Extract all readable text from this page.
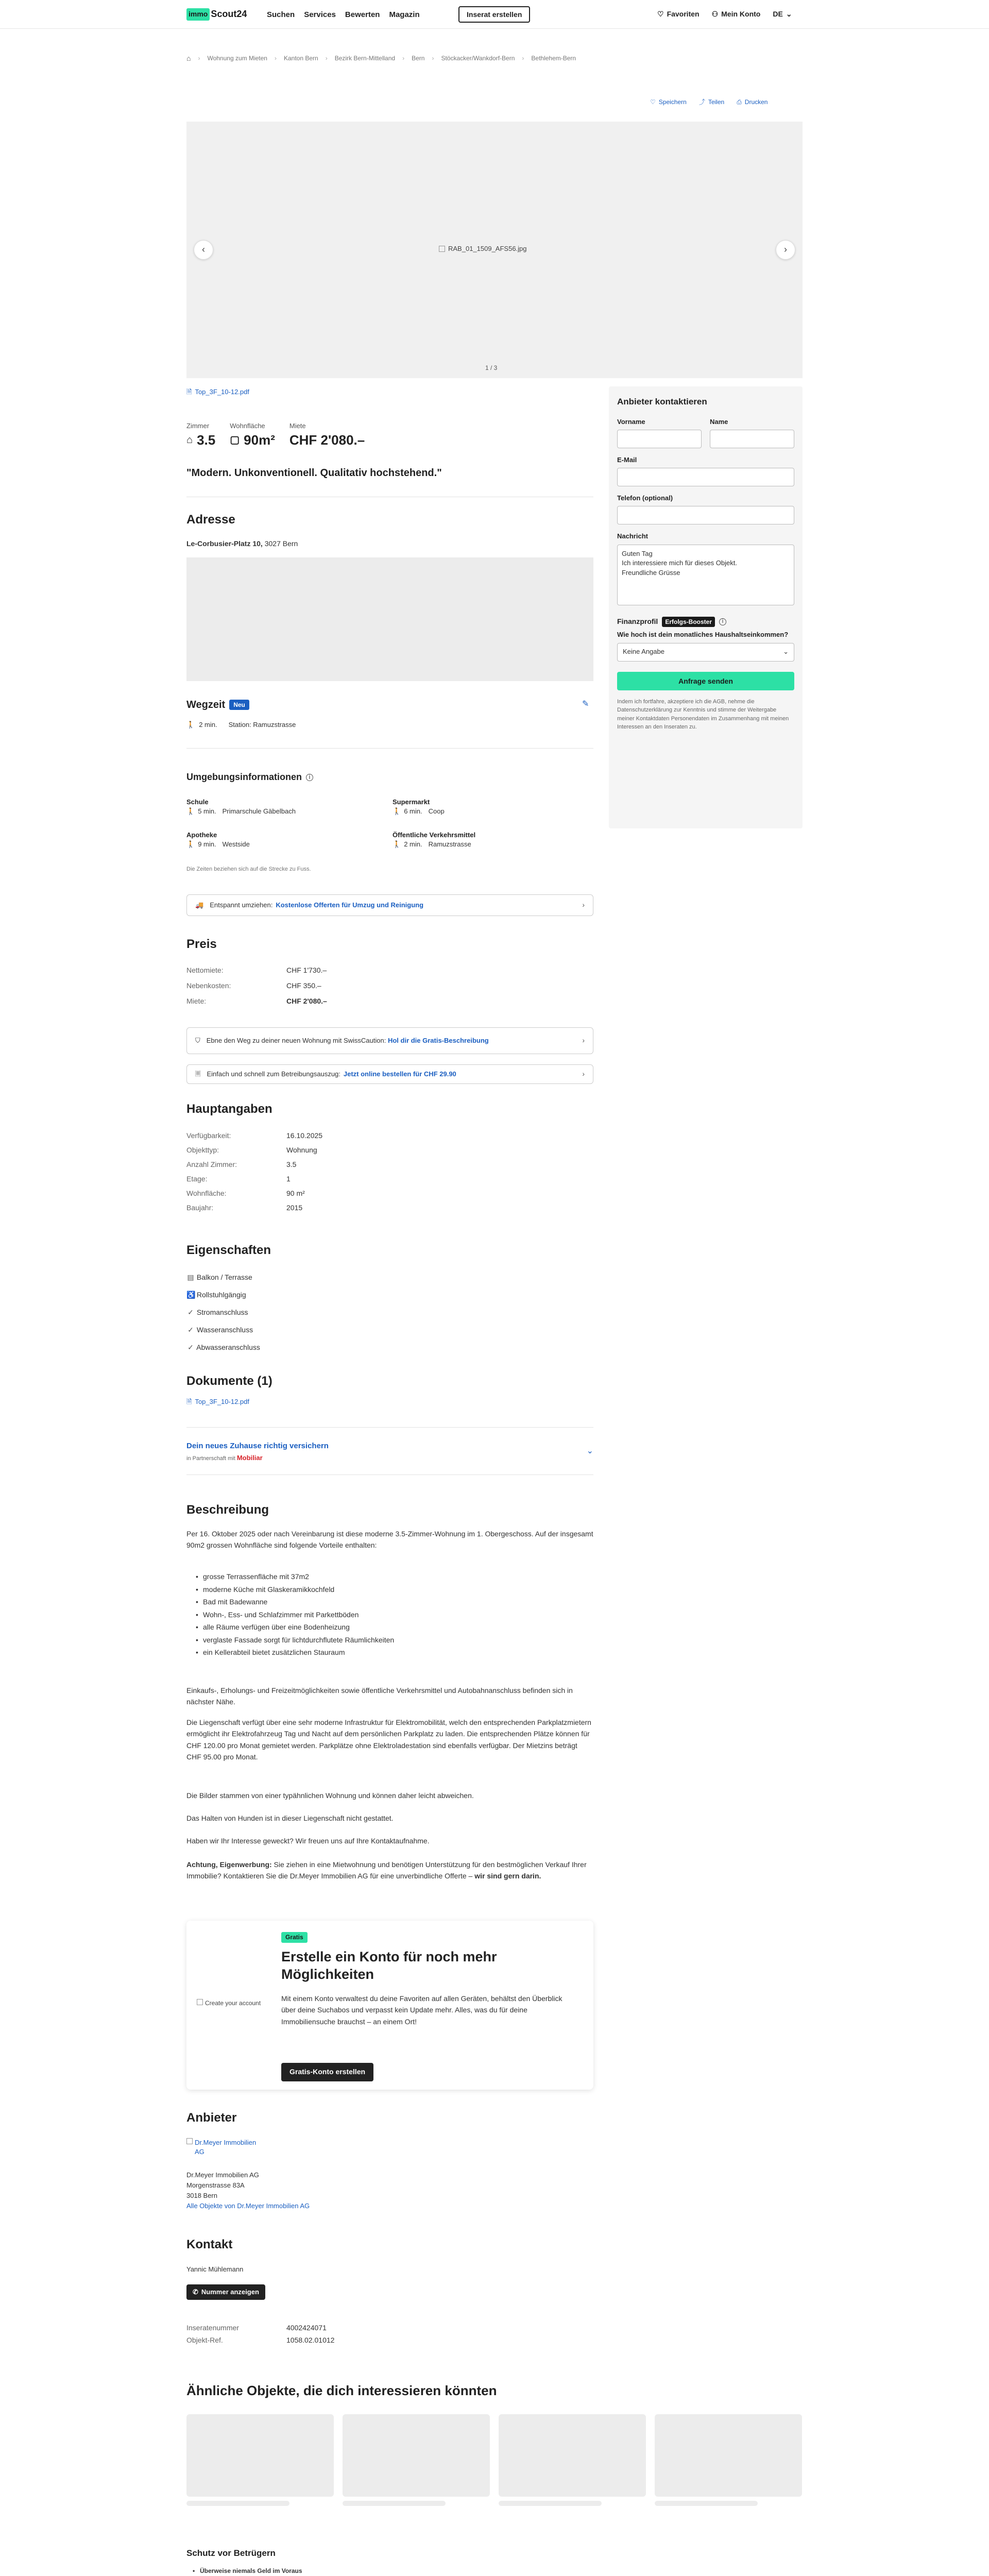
immo Scout24	Suchen Services Bewerten Magazin	Inserat erstellen	♡ Favoriten ⚇ Mein Konto DE ⌄
⌂ › Wohnung zum Mieten › Kanton Bern › Bezirk Bern-Mittelland › Bern › Stöckacker/Wankdorf-Bern › Bethlehem-Bern
♡ Speichern ⤴ Teilen ⎙ Drucken
RAB_01_1509_AFS56.jpg
‹	›
1 / 3
🗎 Top_3F_10-12.pdf
Zimmer
⌂ 3.5
Wohnfläche
▢ 90m²
Miete
CHF 2'080.–
"Modern. Unkonventionell. Qualitativ hochstehend."
Adresse
Le-Corbusier-Platz 10, 3027 Bern
Wegzeit	Neu	✎
🚶 2 min. Station: Ramuzstrasse
Umgebungsinformationen	i
Schule
🚶 5 min. Primarschule Gäbelbach
Supermarkt
🚶 6 min. Coop
Apotheke
🚶 9 min. Westside
Öffentliche Verkehrsmittel
🚶 2 min. Ramuzstrasse
Die Zeiten beziehen sich auf die Strecke zu Fuss.
🚚 Entspannt umziehen: Kostenlose Offerten für Umzug und Reinigung	›
Preis
Nettomiete:	CHF 1'730.–
Nebenkosten:	CHF 350.–
Miete:	CHF 2'080.–
⛉ Ebne den Weg zu deiner neuen Wohnung mit SwissCaution: Hol dir die Gratis-Beschreibung	›
🗏 Einfach und schnell zum Betreibungsauszug: Jetzt online bestellen für CHF 29.90	›
Hauptangaben
Verfügbarkeit:	16.10.2025
Objekttyp:	Wohnung
Anzahl Zimmer:	3.5
Etage:	1
Wohnfläche:	90 m²
Baujahr:	2015
Eigenschaften
▤ Balkon / Terrasse
♿ Rollstuhlgängig
✓ Stromanschluss
✓ Wasseranschluss
✓ Abwasseranschluss
Dokumente (1)
🗎 Top_3F_10-12.pdf
Dein neues Zuhause richtig versichern
in Partnerschaft mit Mobiliar
⌄
Beschreibung
Per 16. Oktober 2025 oder nach Vereinbarung ist diese moderne 3.5-Zimmer-Wohnung im 1. Obergeschoss. Auf der insgesamt 90m2 grossen Wohnfläche sind folgende Vorteile enthalten:
• grosse Terrassenfläche mit 37m2
• moderne Küche mit Glaskeramikkochfeld
• Bad mit Badewanne
• Wohn-, Ess- und Schlafzimmer mit Parkettböden
• alle Räume verfügen über eine Bodenheizung
• verglaste Fassade sorgt für lichtdurchflutete Räumlichkeiten
• ein Kellerabteil bietet zusätzlichen Stauraum
Einkaufs-, Erholungs- und Freizeitmöglichkeiten sowie öffentliche Verkehrsmittel und Autobahnanschluss befinden sich in nächster Nähe.
Die Liegenschaft verfügt über eine sehr moderne Infrastruktur für Elektromobilität, welch den entsprechenden Parkplatzmietern ermöglicht ihr Elektrofahrzeug Tag und Nacht auf dem persönlichen Parkplatz zu laden. Die entsprechenden Plätze können für CHF 120.00 pro Monat gemietet werden. Parkplätze ohne Elektroladestation sind ebenfalls verfügbar. Der Mietzins beträgt CHF 95.00 pro Monat.
Die Bilder stammen von einer typähnlichen Wohnung und können daher leicht abweichen.
Das Halten von Hunden ist in dieser Liegenschaft nicht gestattet.
Haben wir Ihr Interesse geweckt? Wir freuen uns auf Ihre Kontaktaufnahme.
Achtung, Eigenwerbung: Sie ziehen in eine Mietwohnung und benötigen Unterstützung für den bestmöglichen Verkauf Ihrer Immobilie? Kontaktieren Sie die Dr.Meyer Immobilien AG für eine unverbindliche Offerte – wir sind gern darin.
Create your account
Gratis
Erstelle ein Konto für noch mehr Möglichkeiten
Mit einem Konto verwaltest du deine Favoriten auf allen Geräten, behältst den Überblick über deine Suchabos und verpasst kein Update mehr. Alles, was du für deine Immobiliensuche brauchst – an einem Ort!
Gratis-Konto erstellen
Anbieter
Dr.Meyer Immobilien AG
Dr.Meyer Immobilien AG
Morgenstrasse 83A
3018 Bern
Alle Objekte von Dr.Meyer Immobilien AG
Kontakt
Yannic Mühlemann
✆ Nummer anzeigen
Inseratenummer	4002424071
Objekt-Ref.	1058.02.01012
Ähnliche Objekte, die dich interessieren könnten
Schutz vor Betrügern
• Überweise niemals Geld im Voraus
Anbieter kontaktieren
Vorname	Name
E-Mail
Telefon (optional)
Nachricht
Guten Tag
Ich interessiere mich für dieses Objekt.
Freundliche Grüsse
Finanzprofil	Erfolgs-Booster	i
Wie hoch ist dein monatliches Haushaltseinkommen?
Keine Angabe	⌄
Anfrage senden
Indem ich fortfahre, akzeptiere ich die AGB, nehme die Datenschutzerklärung zur Kenntnis und stimme der Weitergabe meiner Kontaktdaten Personendaten im Zusammenhang mit meinen Interessen an den Inseraten zu.
